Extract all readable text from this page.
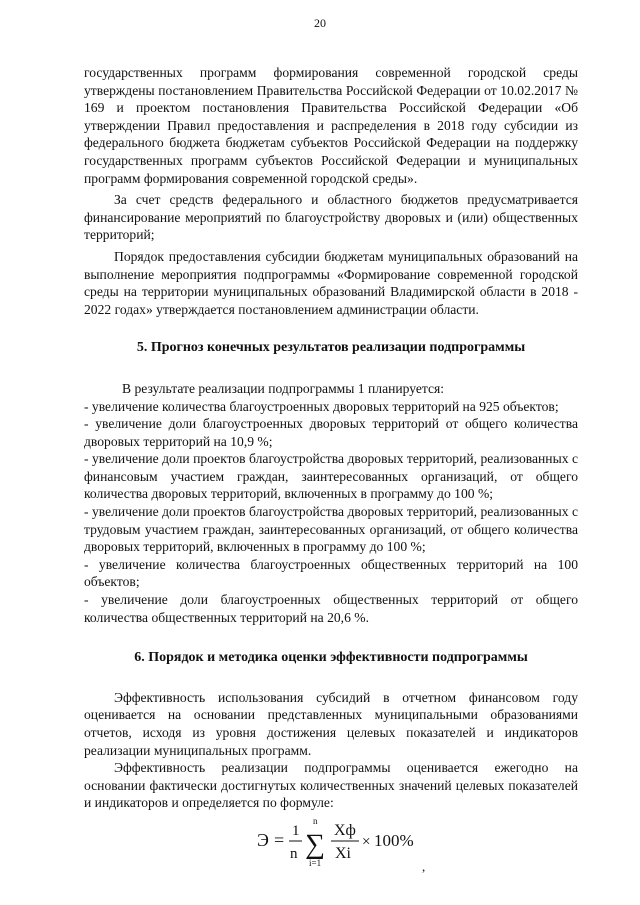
20

государственных программ формирования современной городской среды утверждены постановлением Правительства Российской Федерации от 10.02.2017 № 169 и проектом постановления Правительства Российской Федерации «Об утверждении Правил предоставления и распределения в 2018 году субсидии из федерального бюджета бюджетам субъектов Российской Федерации на поддержку государственных программ субъектов Российской Федерации и муниципальных программ формирования современной городской среды».

За счет средств федерального и областного бюджетов предусматривается финансирование мероприятий по благоустройству дворовых и (или) общественных территорий;

Порядок предоставления субсидии бюджетам муниципальных образований на выполнение мероприятия подпрограммы «Формирование современной городской среды на территории муниципальных образований Владимирской области в 2018 - 2022 годах» утверждается постановлением администрации области.

5. Прогноз конечных результатов реализации подпрограммы

В результате реализации подпрограммы 1 планируется:

- увеличение количества благоустроенных дворовых территорий на 925 объектов;

- увеличение доли благоустроенных дворовых территорий от общего количества дворовых территорий на 10,9 %;

- увеличение доли проектов благоустройства дворовых территорий, реализованных с финансовым участием граждан, заинтересованных организаций, от общего количества дворовых территорий, включенных в программу до 100 %;

- увеличение доли проектов благоустройства дворовых территорий, реализованных с трудовым участием граждан, заинтересованных организаций, от общего количества дворовых территорий, включенных в программу до 100 %;

- увеличение количества благоустроенных общественных территорий на 100 объектов;

- увеличение доли благоустроенных общественных территорий от общего количества общественных территорий на 20,6 %.

6. Порядок и методика оценки эффективности подпрограммы

Эффективность использования субсидий в отчетном финансовом году оценивается на основании представленных муниципальными образованиями отчетов, исходя из уровня достижения целевых показателей и индикаторов реализации муниципальных программ.

Эффективность реализации подпрограммы оценивается ежегодно на основании фактически достигнутых количественных значений целевых показателей и индикаторов и определяется по формуле:

Э = 1
n
n
∑
i=1
Хф
Хi
× 100%
,
